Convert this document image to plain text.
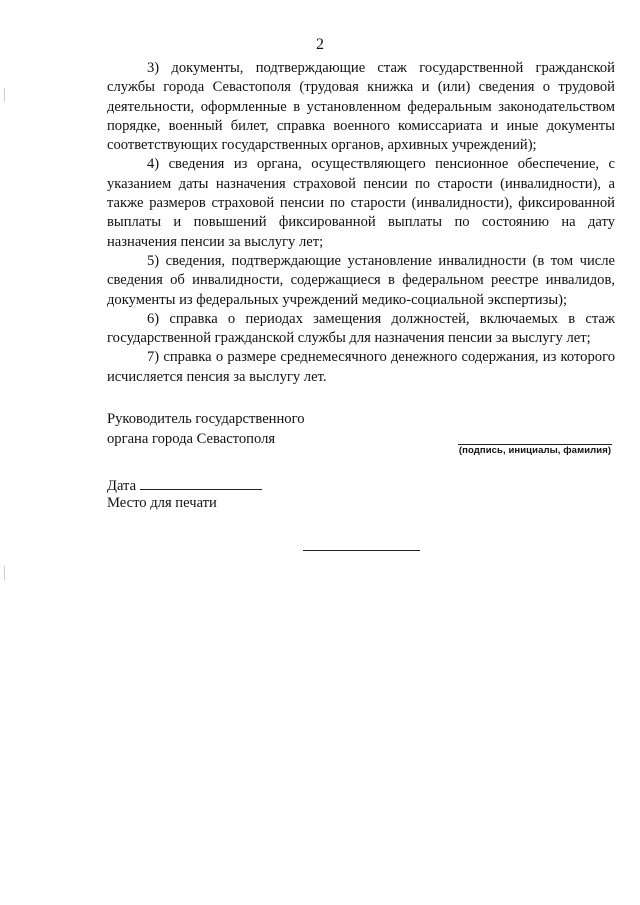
2

3) документы, подтверждающие стаж государственной гражданской службы города Севастополя (трудовая книжка и (или) сведения о трудовой деятельности, оформленные в установленном федеральным законодательством порядке, военный билет, справка военного комиссариата и иные документы соответствующих государственных органов, архивных учреждений);

4) сведения из органа, осуществляющего пенсионное обеспечение, с указанием даты назначения страховой пенсии по старости (инвалидности), а также размеров страховой пенсии по старости (инвалидности), фиксированной выплаты и повышений фиксированной выплаты по состоянию на дату назначения пенсии за выслугу лет;

5) сведения, подтверждающие установление инвалидности (в том числе сведения об инвалидности, содержащиеся в федеральном реестре инвалидов, документы из федеральных учреждений медико-социальной экспертизы);

6) справка о периодах замещения должностей, включаемых в стаж государственной гражданской службы для назначения пенсии за выслугу лет;

7) справка о размере среднемесячного денежного содержания, из которого исчисляется пенсия за выслугу лет.

Руководитель государственного
органа города Севастополя
(подпись, инициалы, фамилия)
Дата
Место для печати
